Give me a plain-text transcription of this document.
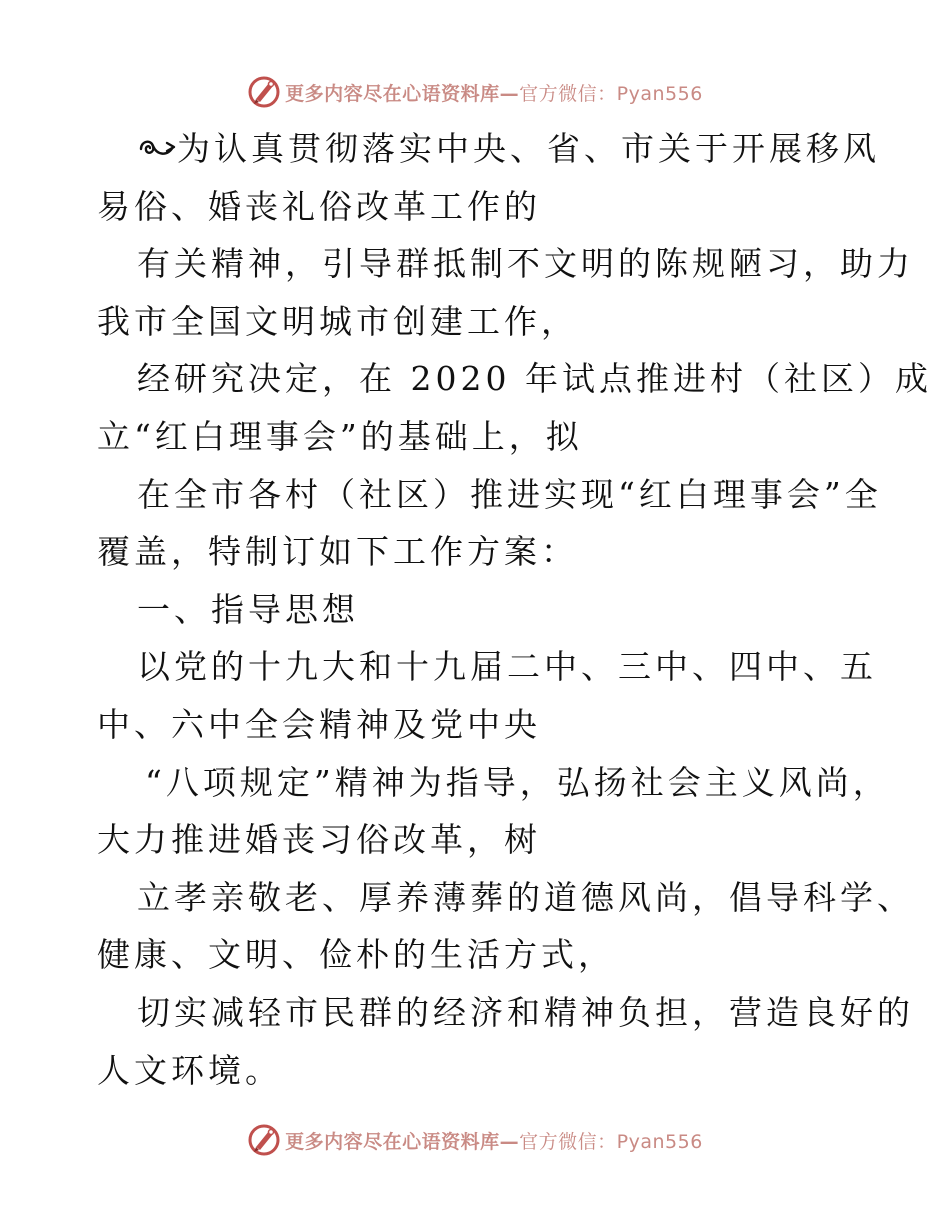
更多内容尽在心语资料库—官方微信：Pyan556
为认真贯彻落实中央、省、市关于开展移风
易俗、婚丧礼俗改革工作的
有关精神，引导群抵制不文明的陈规陋习，助力
我市全国文明城市创建工作，
经研究决定，在 2020 年试点推进村（社区）成
立“红白理事会”的基础上，拟
在全市各村（社区）推进实现“红白理事会”全
覆盖，特制订如下工作方案：
一、指导思想
以党的十九大和十九届二中、三中、四中、五
中、六中全会精神及党中央
“八项规定”精神为指导，弘扬社会主义风尚，
大力推进婚丧习俗改革，树
立孝亲敬老、厚养薄葬的道德风尚，倡导科学、
健康、文明、俭朴的生活方式，
切实减轻市民群的经济和精神负担，营造良好的
人文环境。
更多内容尽在心语资料库—官方微信：Pyan556
